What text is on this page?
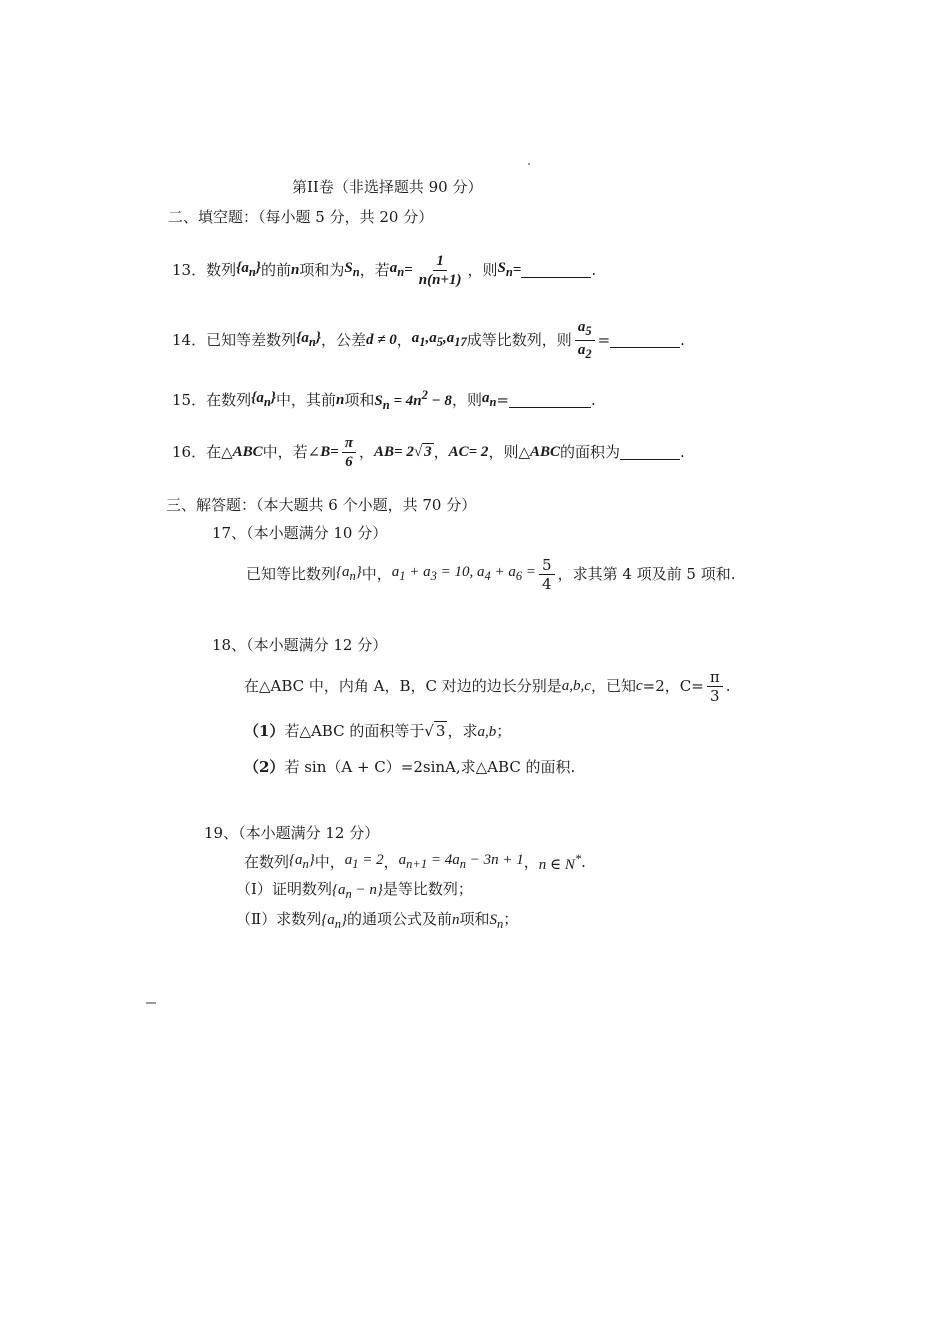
第II卷（非选择题共 90 分）
二、填空题：（每小题 5 分，共 20 分）
13． 数列 $\{a_n\}$ 的前 n 项和为 $S_n$ ，若 $a_n = \frac{1}{n(n+1)}$ ，则 $S_n$ =	.
14． 已知等差数列 $\{a_n\}$ ，公差 d ≠ 0 ， $a_1,a_5,a_{17}$ 成等比数列，则 $\frac{a_5}{a_2}$ =	.
15． 在数列 $\{a_n\}$ 中，其前 n 项和 $S_n = 4n^2 - 8$ ，则 $a_n$ =	.
16． 在△ ABC 中，若∠ $B = \frac{\pi}{6}$ ， AB = 2 √ 3 ， AC = 2 ，则△ ABC 的面积为	.
三、解答题：（本大题共 6 个小题，共 70 分）
17、（本小题满分 10 分）
已知等比数列 $\{a_n\}$ 中， $a_1 + a_3 = 10$, $a_4 + a_6 = \frac{5}{4}$ ，求其第 4 项及前 5 项和.
18、（本小题满分 12 分）
在△ABC 中，内角 A，B，C 对边的边长分别是 a,b,c ，已知 c =2，$C= \frac{\pi}{3}$ .
（1）若△ABC 的面积等于√ 3 ，求a,b；
（2）若 sin（A + C）=2sinA,求△ABC 的面积.
19、（本小题满分 12 分）
在数列 $\{a_n\}$ 中， $a_1 = 2$ ， $a_{n+1} = 4a_n - 3n + 1$ ， n ∈ N* .
（Ⅰ）证明数列$\{a_n - n\}$是等比数列；
（Ⅱ）求数列$\{a_n\}$的通项公式及前n项和$S_n$；
